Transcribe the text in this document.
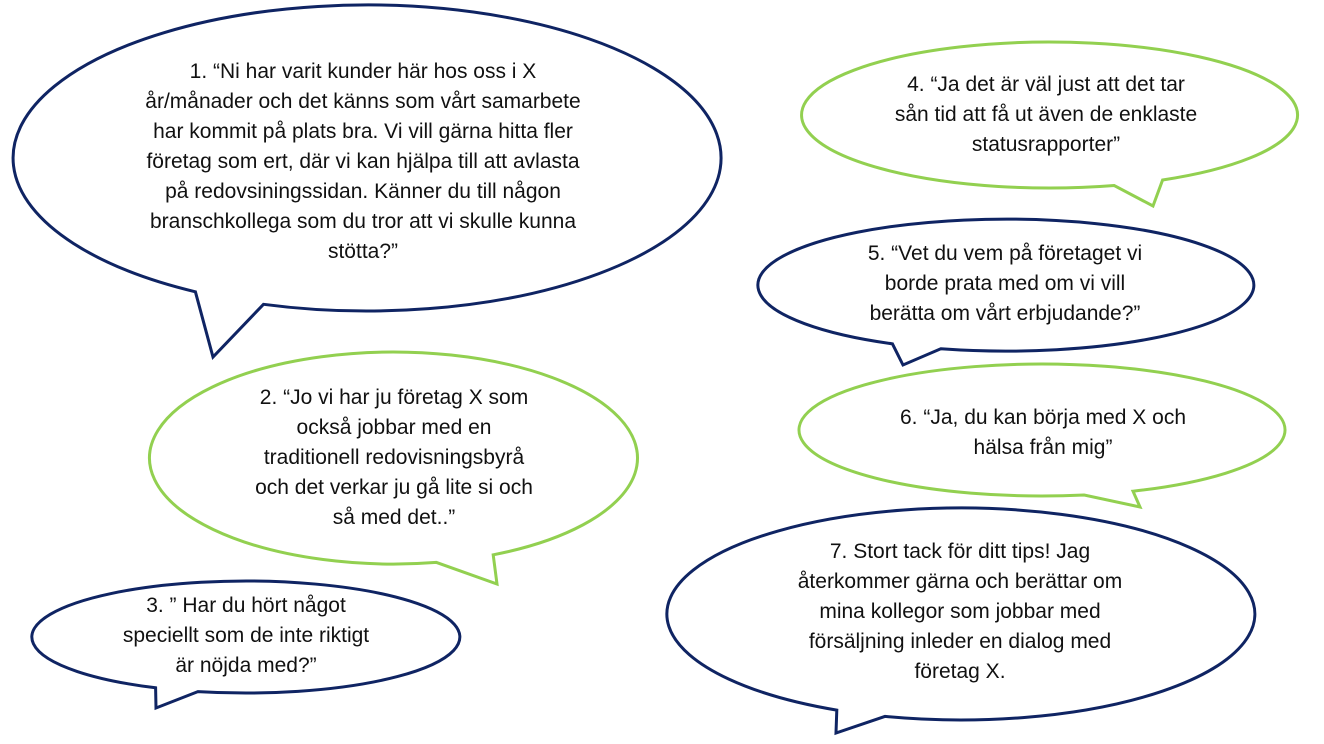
1. “Ni har varit kunder här hos oss i X
år/månader och det känns som vårt samarbete
har kommit på plats bra. Vi vill gärna hitta fler
företag som ert, där vi kan hjälpa till att avlasta
på redovsiningssidan. Känner du till någon
branschkollega som du tror att vi skulle kunna
stötta?”
2. “Jo vi har ju företag X som
också jobbar med en
traditionell redovisningsbyrå
och det verkar ju gå lite si och
så med det..”
3. ” Har du hört något
speciellt som de inte riktigt
är nöjda med?”
4. “Ja det är väl just att det tar
sån tid att få ut även de enklaste
statusrapporter”
5. “Vet du vem på företaget vi
borde prata med om vi vill
berätta om vårt erbjudande?”
6. “Ja, du kan börja med X och
hälsa från mig”
7. Stort tack för ditt tips! Jag
återkommer gärna och berättar om
mina kollegor som jobbar med
försäljning inleder en dialog med
företag X.
